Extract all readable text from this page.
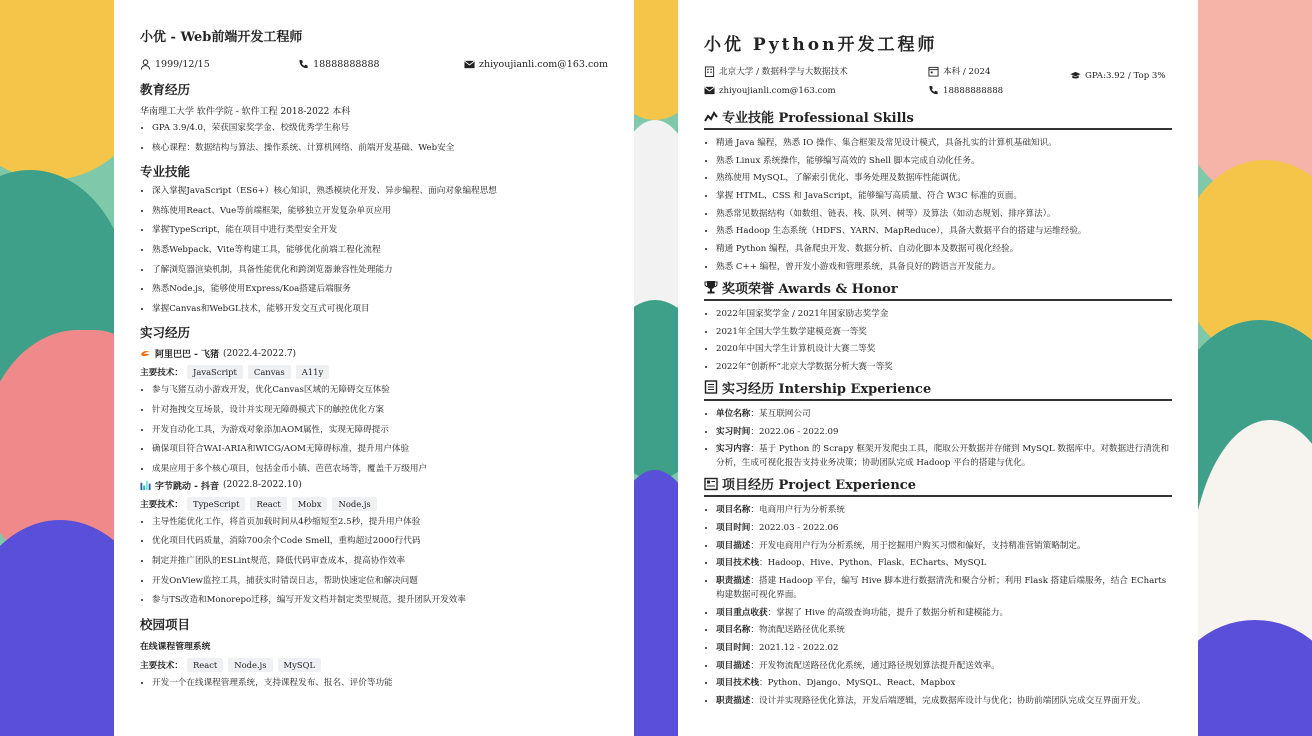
小优 - Web前端开发工程师
1999/12/15	18888888888	zhiyoujianli.com@163.com
教育经历
华南理工大学 软件学院 - 软件工程 2018-2022 本科
• GPA 3.9/4.0，荣获国家奖学金、校级优秀学生称号
• 核心课程：数据结构与算法、操作系统、计算机网络、前端开发基础、Web安全
专业技能
• 深入掌握JavaScript（ES6+）核心知识，熟悉模块化开发、异步编程、面向对象编程思想
• 熟练使用React、Vue等前端框架，能够独立开发复杂单页应用
• 掌握TypeScript，能在项目中进行类型安全开发
• 熟悉Webpack、Vite等构建工具，能够优化前端工程化流程
• 了解浏览器渲染机制，具备性能优化和跨浏览器兼容性处理能力
• 熟悉Node.js，能够使用Express/Koa搭建后端服务
• 掌握Canvas和WebGL技术，能够开发交互式可视化项目
实习经历
阿里巴巴 - 飞猪 (2022.4-2022.7)
主要技术：	JavaScript	Canvas	A11y
• 参与飞猪互动小游戏开发，优化Canvas区域的无障碍交互体验
• 针对拖拽交互场景，设计并实现无障碍模式下的触控优化方案
• 开发自动化工具，为游戏对象添加AOM属性，实现无障碍提示
• 确保项目符合WAI-ARIA和WICG/AOM无障碍标准，提升用户体验
• 成果应用于多个核心项目，包括金币小镇、芭芭农场等，覆盖千万级用户
字节跳动 - 抖音 (2022.8-2022.10)
主要技术：	TypeScript	React	Mobx	Node.js
• 主导性能优化工作，将首页加载时间从4秒缩短至2.5秒，提升用户体验
• 优化项目代码质量，消除700余个Code Smell，重构超过2000行代码
• 制定并推广团队的ESLint规范，降低代码审查成本，提高协作效率
• 开发OnView监控工具，捕获实时错误日志，帮助快速定位和解决问题
• 参与TS改造和Monorepo迁移，编写开发文档并制定类型规范，提升团队开发效率
校园项目
在线课程管理系统
主要技术：	React	Node.js	MySQL
• 开发一个在线课程管理系统，支持课程发布、报名、评价等功能
小优 Python开发工程师
北京大学 / 数据科学与大数据技术	本科 / 2024	GPA:3.92 / Top 3%
zhiyoujianli.com@163.com	18888888888
专业技能 Professional Skills
• 精通 Java 编程，熟悉 IO 操作、集合框架及常见设计模式，具备扎实的计算机基础知识。
• 熟悉 Linux 系统操作，能够编写高效的 Shell 脚本完成自动化任务。
• 熟练使用 MySQL，了解索引优化、事务处理及数据库性能调优。
• 掌握 HTML、CSS 和 JavaScript，能够编写高质量、符合 W3C 标准的页面。
• 熟悉常见数据结构（如数组、链表、栈、队列、树等）及算法（如动态规划、排序算法）。
• 熟悉 Hadoop 生态系统（HDFS、YARN、MapReduce），具备大数据平台的搭建与运维经验。
• 精通 Python 编程，具备爬虫开发、数据分析、自动化脚本及数据可视化经验。
• 熟悉 C++ 编程，曾开发小游戏和管理系统，具备良好的跨语言开发能力。
奖项荣誉 Awards & Honor
• 2022年国家奖学金 / 2021年国家励志奖学金
• 2021年全国大学生数学建模竞赛一等奖
• 2020年中国大学生计算机设计大赛二等奖
• 2022年“创新杯”北京大学数据分析大赛一等奖
实习经历 Intership Experience
• 单位名称：某互联网公司
• 实习时间：2022.06 - 2022.09
• 实习内容：基于 Python 的 Scrapy 框架开发爬虫工具，爬取公开数据并存储到 MySQL 数据库中。对数据进行清洗和分析，生成可视化报告支持业务决策；协助团队完成 Hadoop 平台的搭建与优化。
项目经历 Project Experience
• 项目名称：电商用户行为分析系统
• 项目时间：2022.03 - 2022.06
• 项目描述：开发电商用户行为分析系统，用于挖掘用户购买习惯和偏好，支持精准营销策略制定。
• 项目技术栈：Hadoop、Hive、Python、Flask、ECharts、MySQL
• 职责描述：搭建 Hadoop 平台，编写 Hive 脚本进行数据清洗和聚合分析；利用 Flask 搭建后端服务，结合 ECharts 构建数据可视化界面。
• 项目重点收获：掌握了 Hive 的高级查询功能，提升了数据分析和建模能力。
• 项目名称：物流配送路径优化系统
• 项目时间：2021.12 - 2022.02
• 项目描述：开发物流配送路径优化系统，通过路径规划算法提升配送效率。
• 项目技术栈：Python、Django、MySQL、React、Mapbox
• 职责描述：设计并实现路径优化算法，开发后端逻辑，完成数据库设计与优化；协助前端团队完成交互界面开发。
